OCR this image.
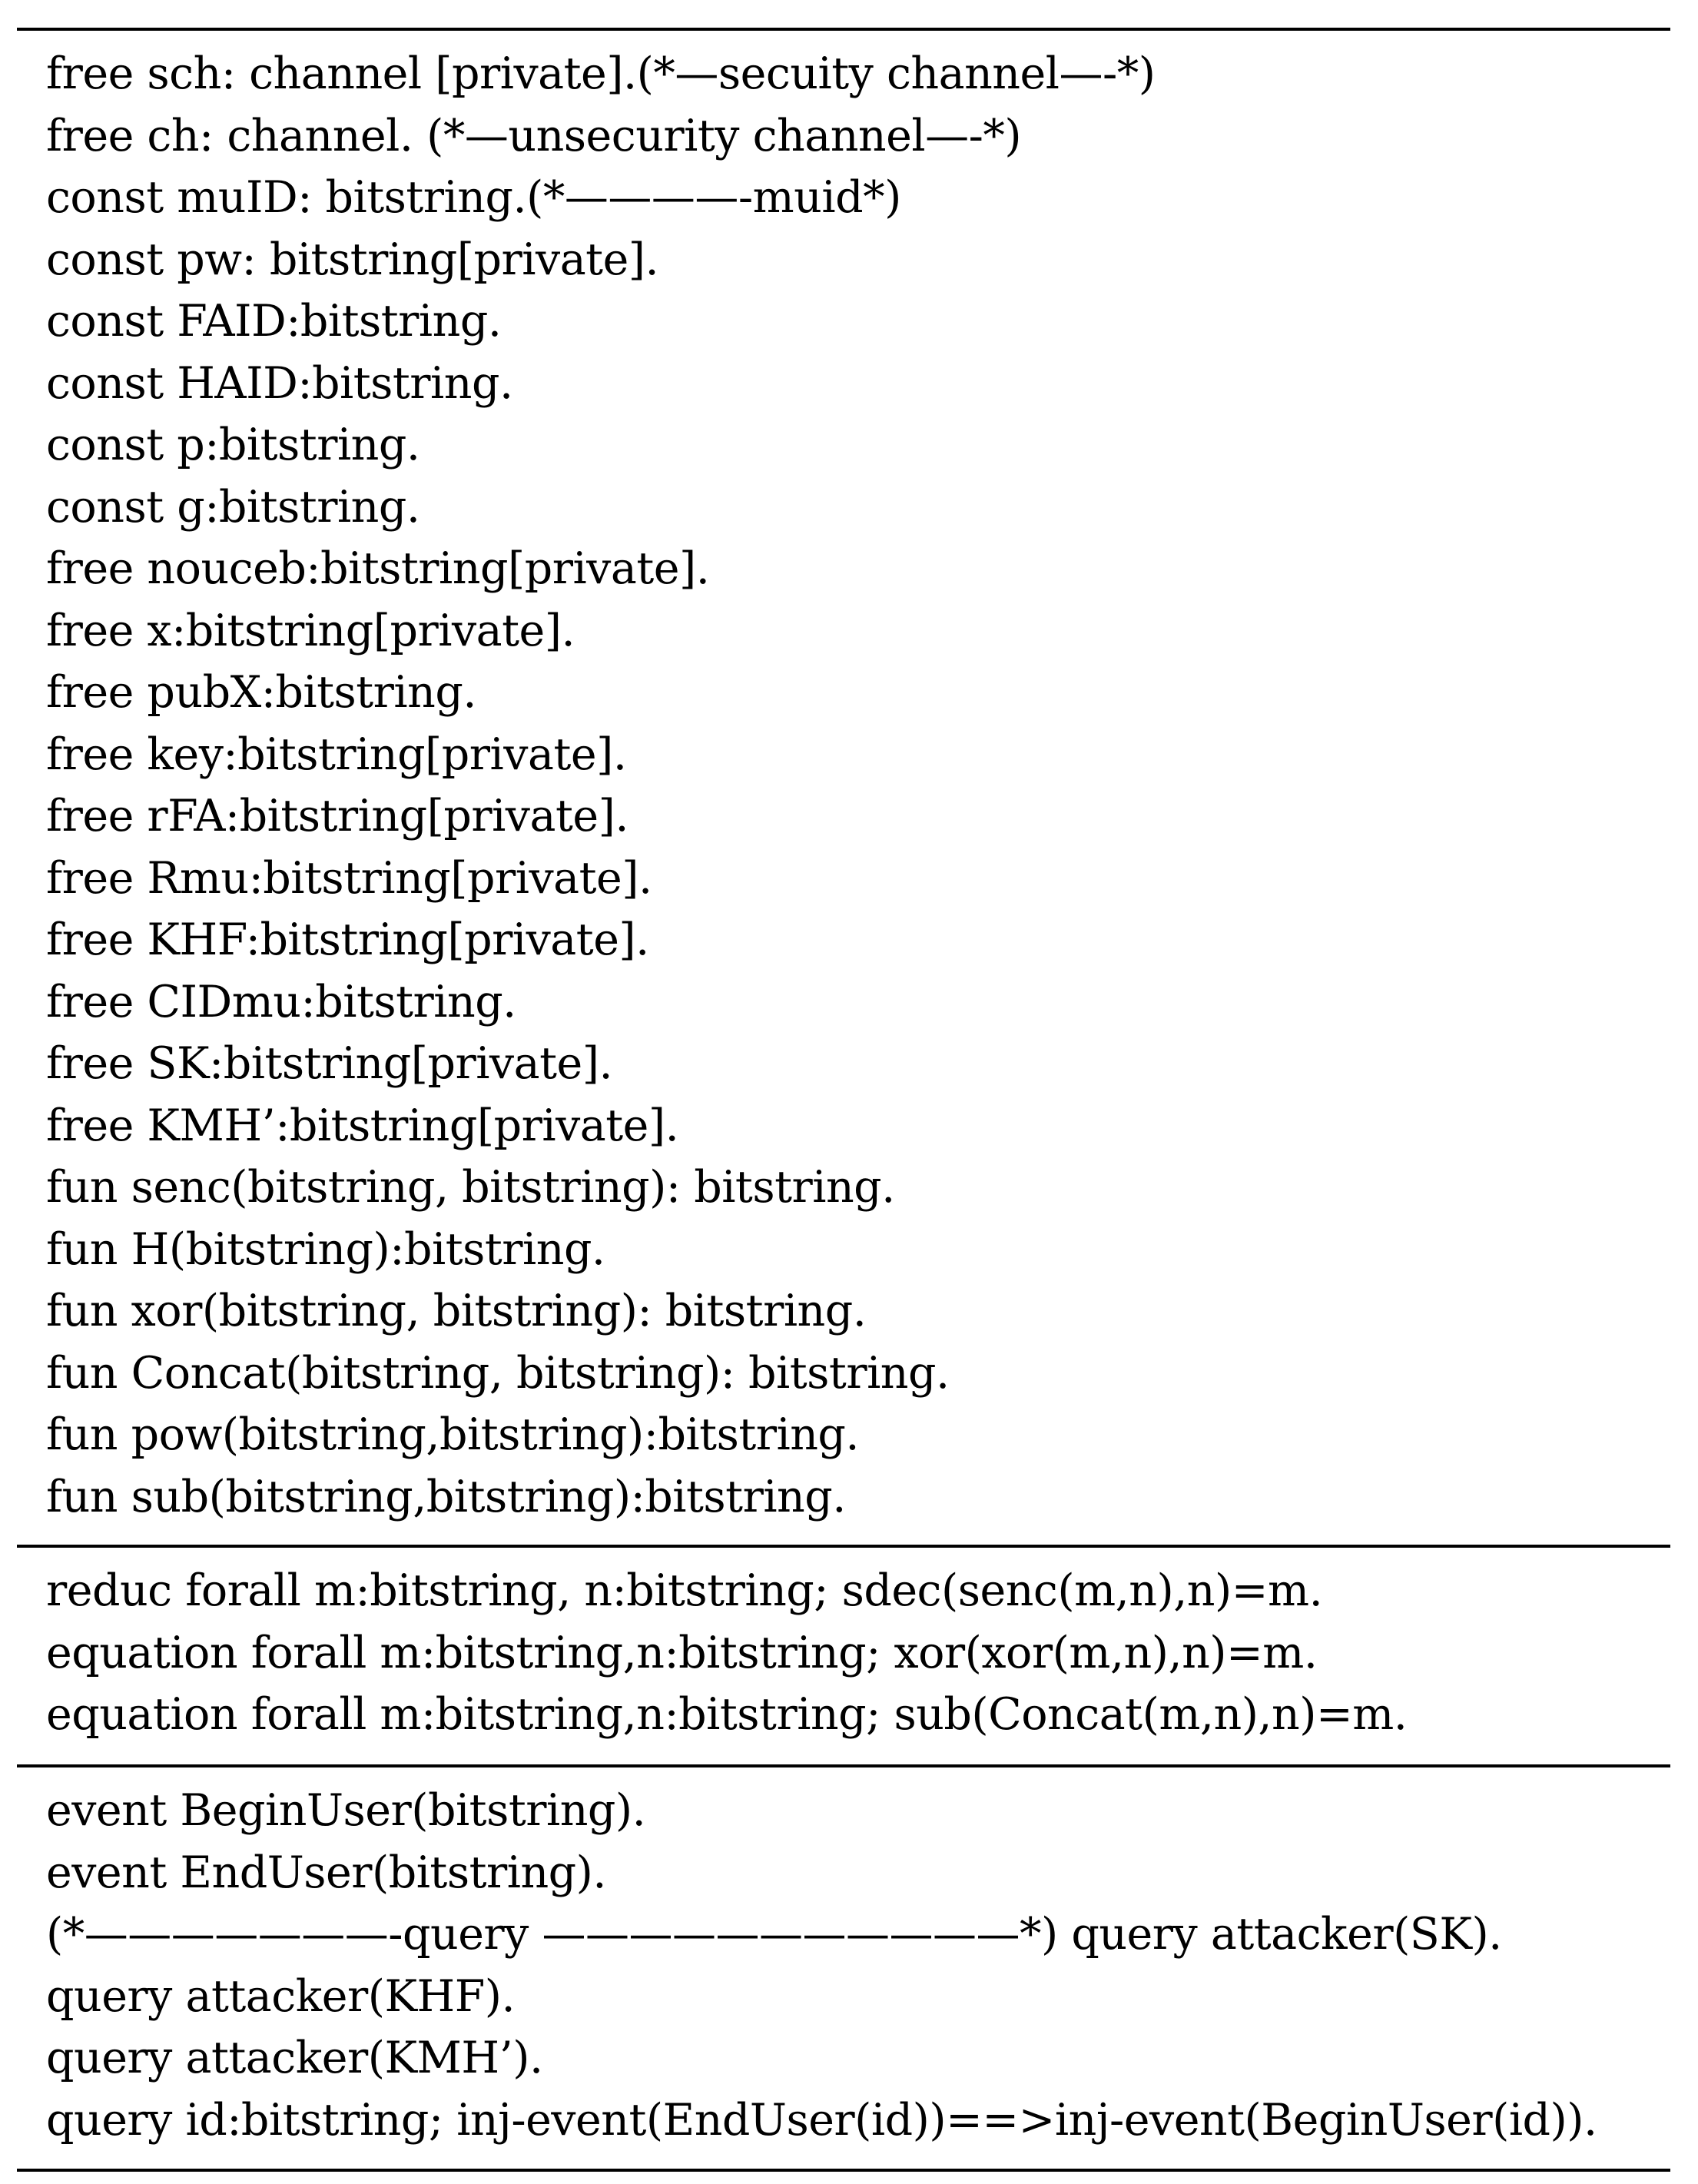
free sch: channel [private].(*—secuity channel—-*)
free ch: channel. (*—unsecurity channel—-*)
const muID: bitstring.(*————-muid*)
const pw: bitstring[private].
const FAID:bitstring.
const HAID:bitstring.
const p:bitstring.
const g:bitstring.
free nouceb:bitstring[private].
free x:bitstring[private].
free pubX:bitstring.
free key:bitstring[private].
free rFA:bitstring[private].
free Rmu:bitstring[private].
free KHF:bitstring[private].
free CIDmu:bitstring.
free SK:bitstring[private].
free KMH’:bitstring[private].
fun senc(bitstring, bitstring): bitstring.
fun H(bitstring):bitstring.
fun xor(bitstring, bitstring): bitstring.
fun Concat(bitstring, bitstring): bitstring.
fun pow(bitstring,bitstring):bitstring.
fun sub(bitstring,bitstring):bitstring.
reduc forall m:bitstring, n:bitstring; sdec(senc(m,n),n)=m.
equation forall m:bitstring,n:bitstring; xor(xor(m,n),n)=m.
equation forall m:bitstring,n:bitstring; sub(Concat(m,n),n)=m.
event BeginUser(bitstring).
event EndUser(bitstring).
(*———————-query ———————————*) query attacker(SK).
query attacker(KHF).
query attacker(KMH’).
query id:bitstring; inj-event(EndUser(id))==>inj-event(BeginUser(id)).
